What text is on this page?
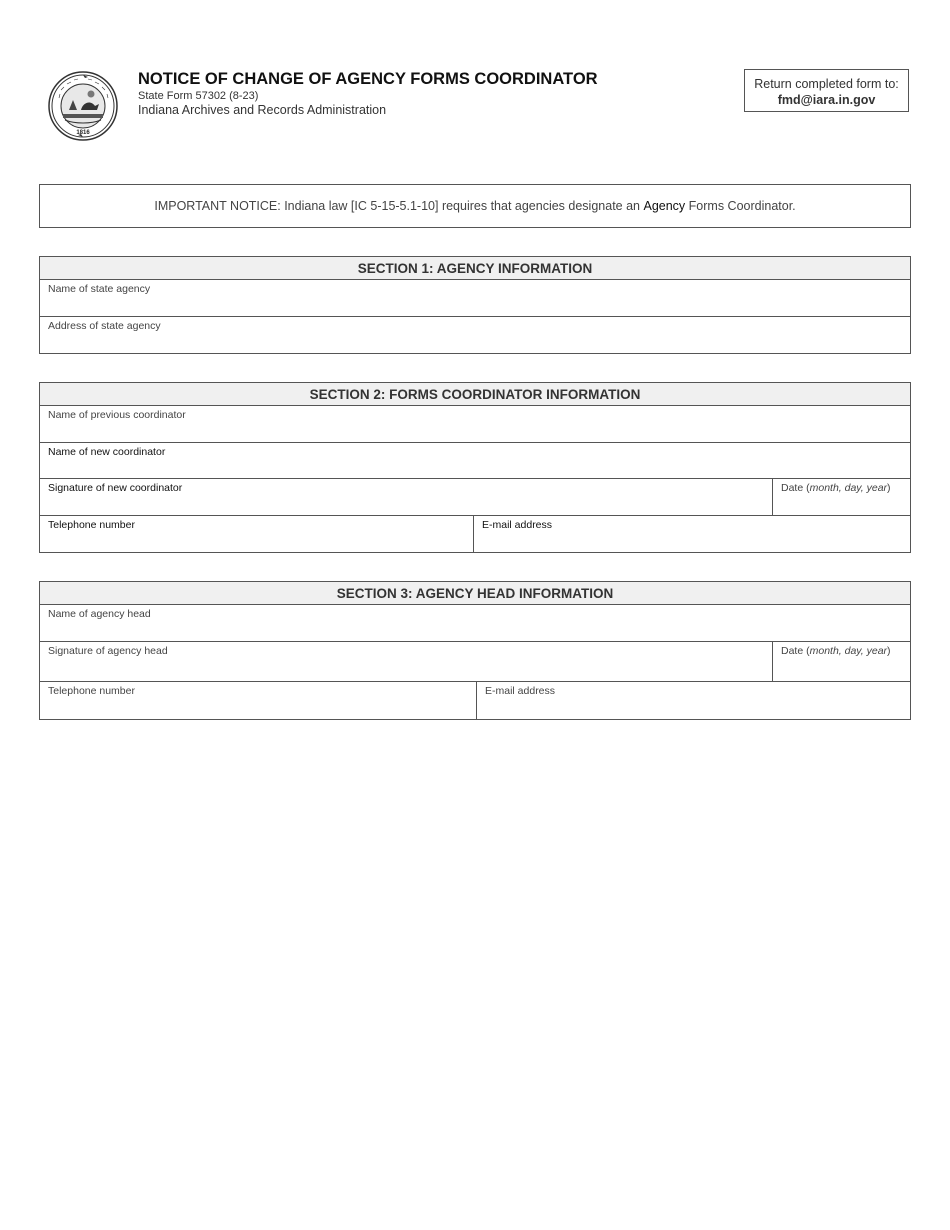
1816
NOTICE OF CHANGE OF AGENCY FORMS COORDINATOR
State Form 57302 (8-23)
Indiana Archives and Records Administration
Return completed form to:
fmd@iara.in.gov
IMPORTANT NOTICE: Indiana law [IC 5-15-5.1-10] requires that agencies designate an
Agency
Forms Coordinator.
SECTION 1: AGENCY INFORMATION
Name of state agency
Address of state agency
SECTION 2: FORMS COORDINATOR INFORMATION
Name of previous coordinator
Name of new coordinator
Signature of new coordinator	Date (month, day, year)
Telephone number	E-mail address
SECTION 3: AGENCY HEAD INFORMATION
Name of agency head
Signature of agency head	Date (month, day, year)
Telephone number	E-mail address
